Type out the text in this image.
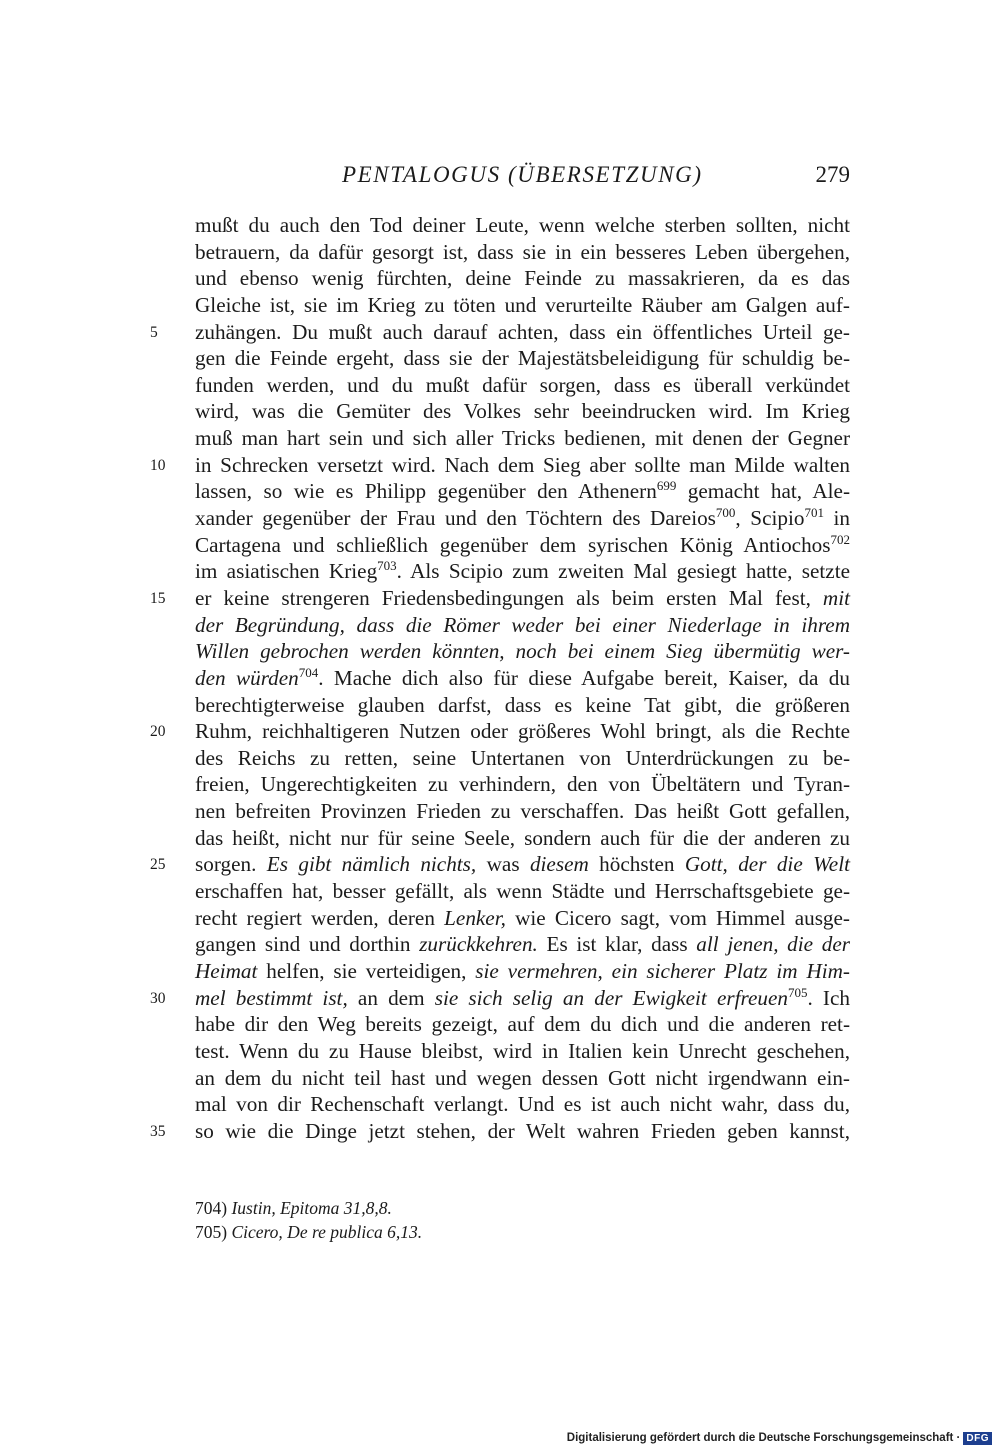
PENTALOGUS (ÜBERSETZUNG)	279
mußt du auch den Tod deiner Leute, wenn welche sterben sollten, nicht
betrauern, da dafür gesorgt ist, dass sie in ein besseres Leben übergehen,
und ebenso wenig fürchten, deine Feinde zu massakrieren, da es das
Gleiche ist, sie im Krieg zu töten und verurteilte Räuber am Galgen auf-
5	zuhängen. Du mußt auch darauf achten, dass ein öffentliches Urteil ge-
gen die Feinde ergeht, dass sie der Majestätsbeleidigung für schuldig be-
funden werden, und du mußt dafür sorgen, dass es überall verkündet
wird, was die Gemüter des Volkes sehr beeindrucken wird. Im Krieg
muß man hart sein und sich aller Tricks bedienen, mit denen der Gegner
10 in Schrecken versetzt wird. Nach dem Sieg aber sollte man Milde walten
lassen, so wie es Philipp gegenüber den Athenern$^{699}$ gemacht hat, Ale-
xander gegenüber der Frau und den Töchtern des Dareios$^{700}$, Scipio$^{701}$ in
Cartagena und schließlich gegenüber dem syrischen König Antiochos$^{702}$
im asiatischen Krieg$^{703}$. Als Scipio zum zweiten Mal gesiegt hatte, setzte
15 er keine strengeren Friedensbedingungen als beim ersten Mal fest, mit
der Begründung, dass die Römer weder bei einer Niederlage in ihrem
Willen gebrochen werden könnten, noch bei einem Sieg übermütig wer-
den würden$^{704}$. Mache dich also für diese Aufgabe bereit, Kaiser, da du
berechtigterweise glauben darfst, dass es keine Tat gibt, die größeren
20 Ruhm, reichhaltigeren Nutzen oder größeres Wohl bringt, als die Rechte
des Reichs zu retten, seine Untertanen von Unterdrückungen zu be-
freien, Ungerechtigkeiten zu verhindern, den von Übeltätern und Tyran-
nen befreiten Provinzen Frieden zu verschaffen. Das heißt Gott gefallen,
das heißt, nicht nur für seine Seele, sondern auch für die der anderen zu
25 sorgen. Es gibt nämlich nichts, was diesem höchsten Gott, der die Welt
erschaffen hat, besser gefällt, als wenn Städte und Herrschaftsgebiete ge-
recht regiert werden, deren Lenker, wie Cicero sagt, vom Himmel ausge-
gangen sind und dorthin zurückkehren. Es ist klar, dass all jenen, die der
Heimat helfen, sie verteidigen, sie vermehren, ein sicherer Platz im Him-
30 mel bestimmt ist, an dem sie sich selig an der Ewigkeit erfreuen$^{705}$. Ich
habe dir den Weg bereits gezeigt, auf dem du dich und die anderen ret-
test. Wenn du zu Hause bleibst, wird in Italien kein Unrecht geschehen,
an dem du nicht teil hast und wegen dessen Gott nicht irgendwann ein-
mal von dir Rechenschaft verlangt. Und es ist auch nicht wahr, dass du,
35 so wie die Dinge jetzt stehen, der Welt wahren Frieden geben kannst,
704) Iustin, Epitoma 31,8,8.
705) Cicero, De re publica 6,13.
Digitalisierung gefördert durch die Deutsche Forschungsgemeinschaft · DFG
